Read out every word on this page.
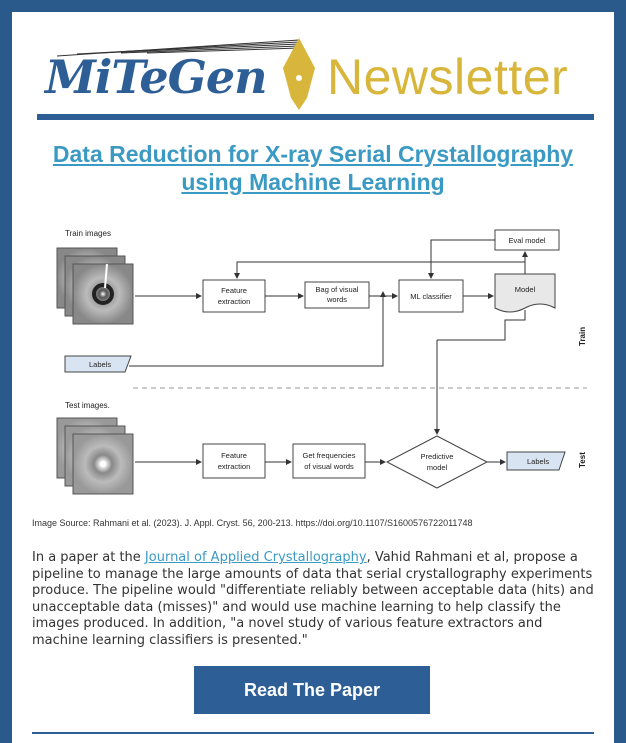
MiTeGen Newsletter
Data Reduction for X-ray Serial Crystallography using Machine Learning
Train images
Feature
extraction
Bag of visual
words	ML classifier
Model
Eval model
Labels
Train
Test images.
Feature
extraction
Get frequencies
of visual words
Predictive
model
Labels	Test
Image Source: Rahmani et al. (2023). J. Appl. Cryst. 56, 200-213. https://doi.org/10.1107/S1600576722011748

In a paper at the Journal of Applied Crystallography, Vahid Rahmani et al, propose a pipeline to manage the large amounts of data that serial crystallography experiments produce. The pipeline would "differentiate reliably between acceptable data (hits) and unacceptable data (misses)" and would use machine learning to help classify the images produced. In addition, "a novel study of various feature extractors and machine learning classifiers is presented."

Read The Paper
